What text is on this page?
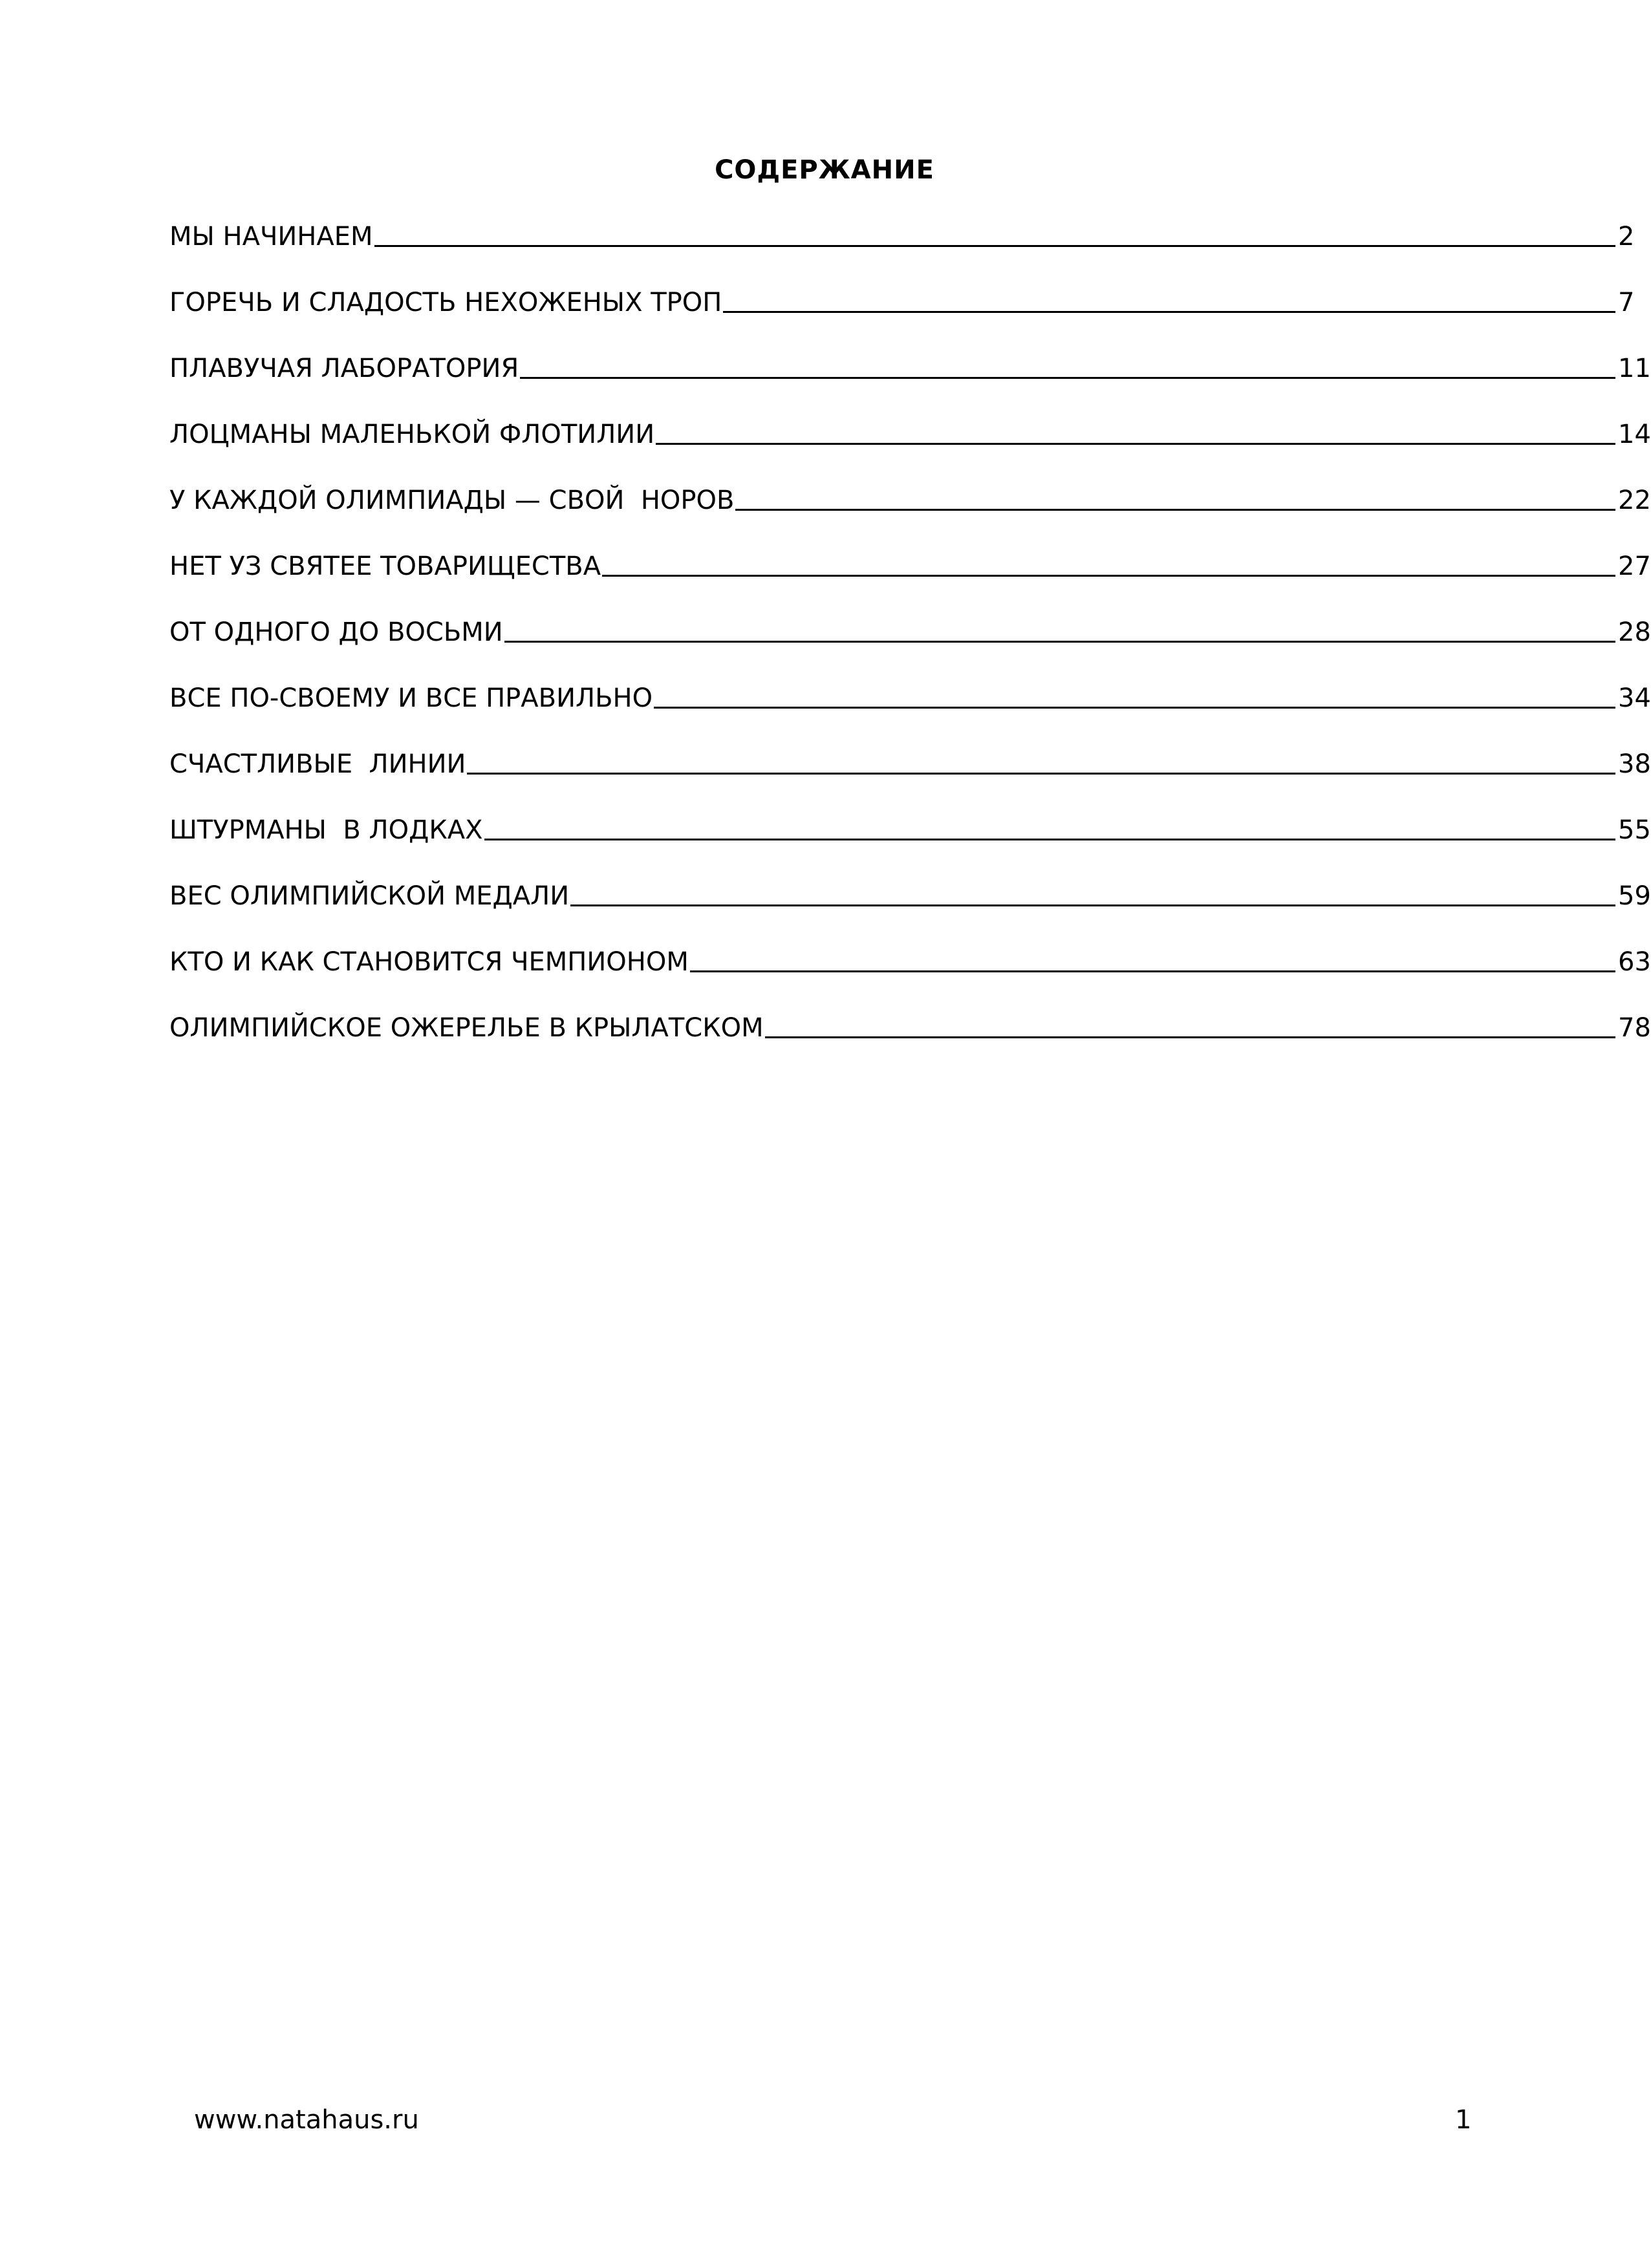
СОДЕРЖАНИЕ
МЫ НАЧИНАЕМ	2
ГОРЕЧЬ И СЛАДОСТЬ НЕХОЖЕНЫХ ТРОП	7
ПЛАВУЧАЯ ЛАБОРАТОРИЯ	11
ЛОЦМАНЫ МАЛЕНЬКОЙ ФЛОТИЛИИ	14
У КАЖДОЙ ОЛИМПИАДЫ — СВОЙ  НОРОВ	22
НЕТ УЗ СВЯТЕЕ ТОВАРИЩЕСТВА	27
ОТ ОДНОГО ДО ВОСЬМИ	28
ВСЕ ПО-СВОЕМУ И ВСЕ ПРАВИЛЬНО	34
СЧАСТЛИВЫЕ  ЛИНИИ	38
ШТУРМАНЫ  В ЛОДКАХ	55
ВЕС ОЛИМПИЙСКОЙ МЕДАЛИ	59
КТО И КАК СТАНОВИТСЯ ЧЕМПИОНОМ	63
ОЛИМПИЙСКОЕ ОЖЕРЕЛЬЕ В КРЫЛАТСКОМ	78
www.natahaus.ru	1
